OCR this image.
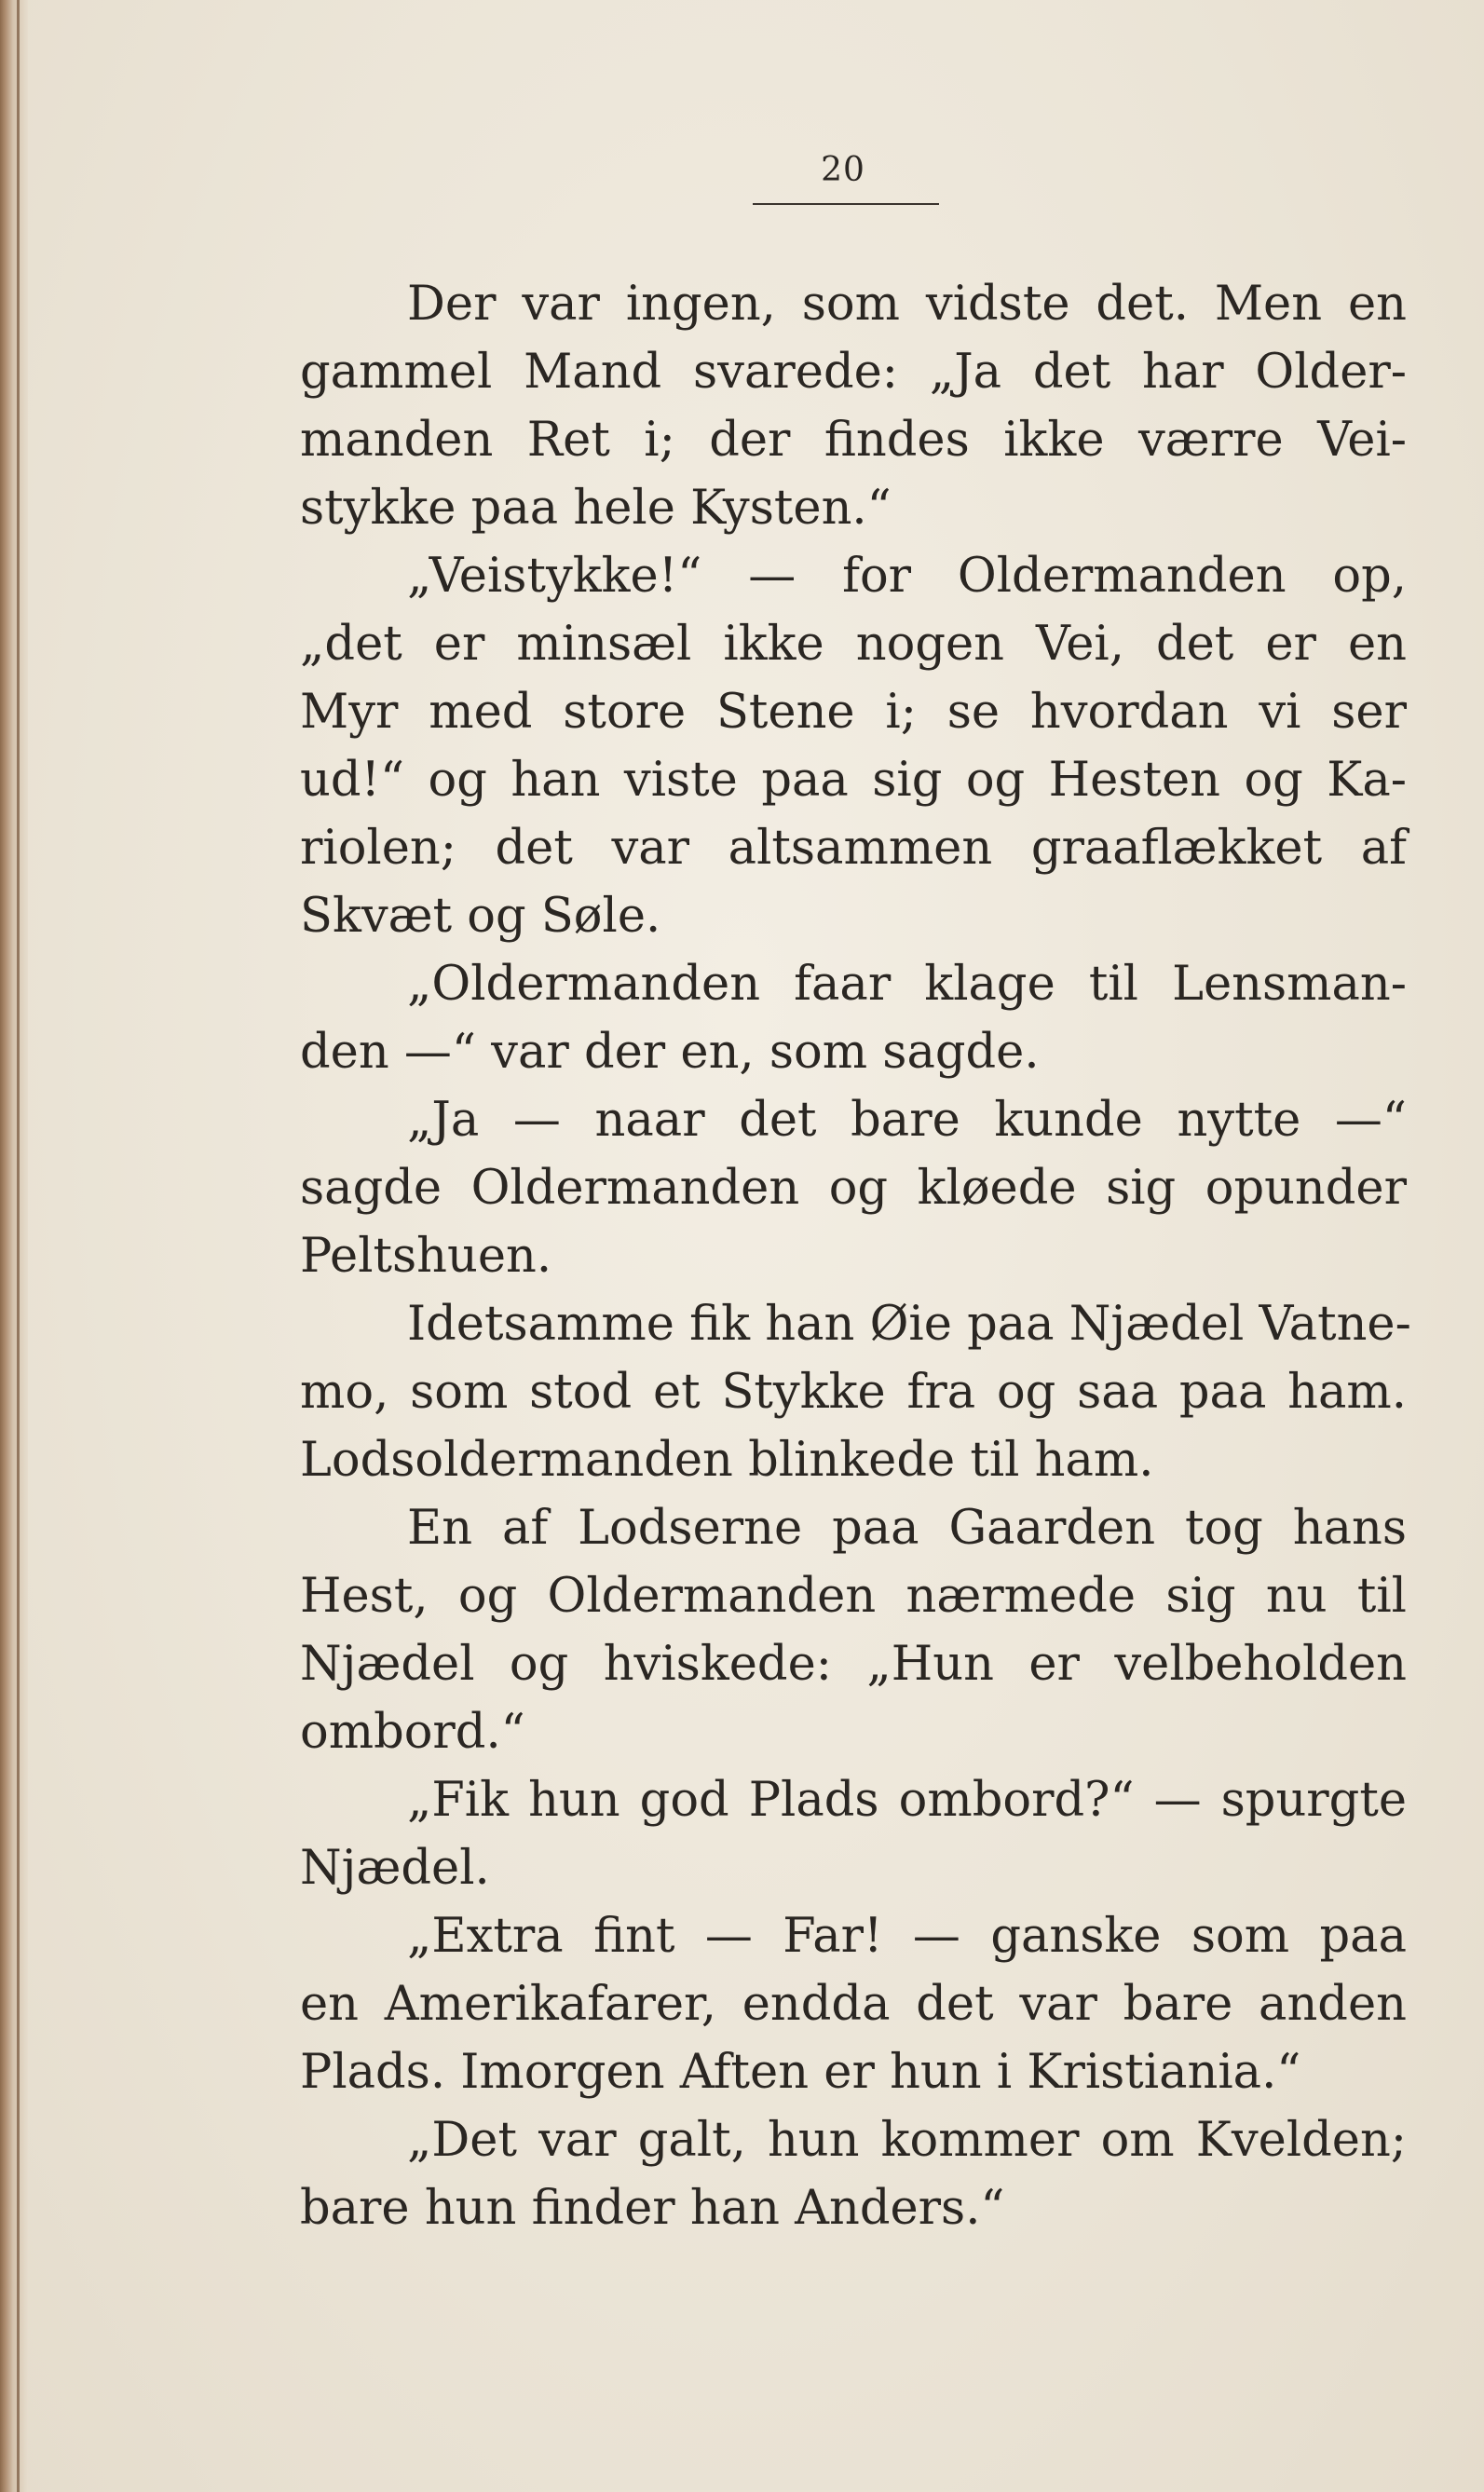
20
Der var ingen, som vidste det. Men en
gammel Mand svarede: „Ja det har Older-
manden Ret i; der findes ikke værre Vei-
stykke paa hele Kysten.“
„Veistykke!“ — for Oldermanden op,
„det er minsæl ikke nogen Vei, det er en
Myr med store Stene i; se hvordan vi ser
ud!“ og han viste paa sig og Hesten og Ka-
riolen; det var altsammen graaflækket af
Skvæt og Søle.
„Oldermanden faar klage til Lensman-
den —“ var der en, som sagde.
„Ja — naar det bare kunde nytte —“
sagde Oldermanden og kløede sig opunder
Peltshuen.
Idetsamme fik han Øie paa Njædel Vatne-
mo, som stod et Stykke fra og saa paa ham.
Lodsoldermanden blinkede til ham.
En af Lodserne paa Gaarden tog hans
Hest, og Oldermanden nærmede sig nu til
Njædel og hviskede: „Hun er velbeholden
ombord.“
„Fik hun god Plads ombord?“ — spurgte
Njædel.
„Extra fint — Far! — ganske som paa
en Amerikafarer, endda det var bare anden
Plads. Imorgen Aften er hun i Kristiania.“
„Det var galt, hun kommer om Kvelden;
bare hun finder han Anders.“
